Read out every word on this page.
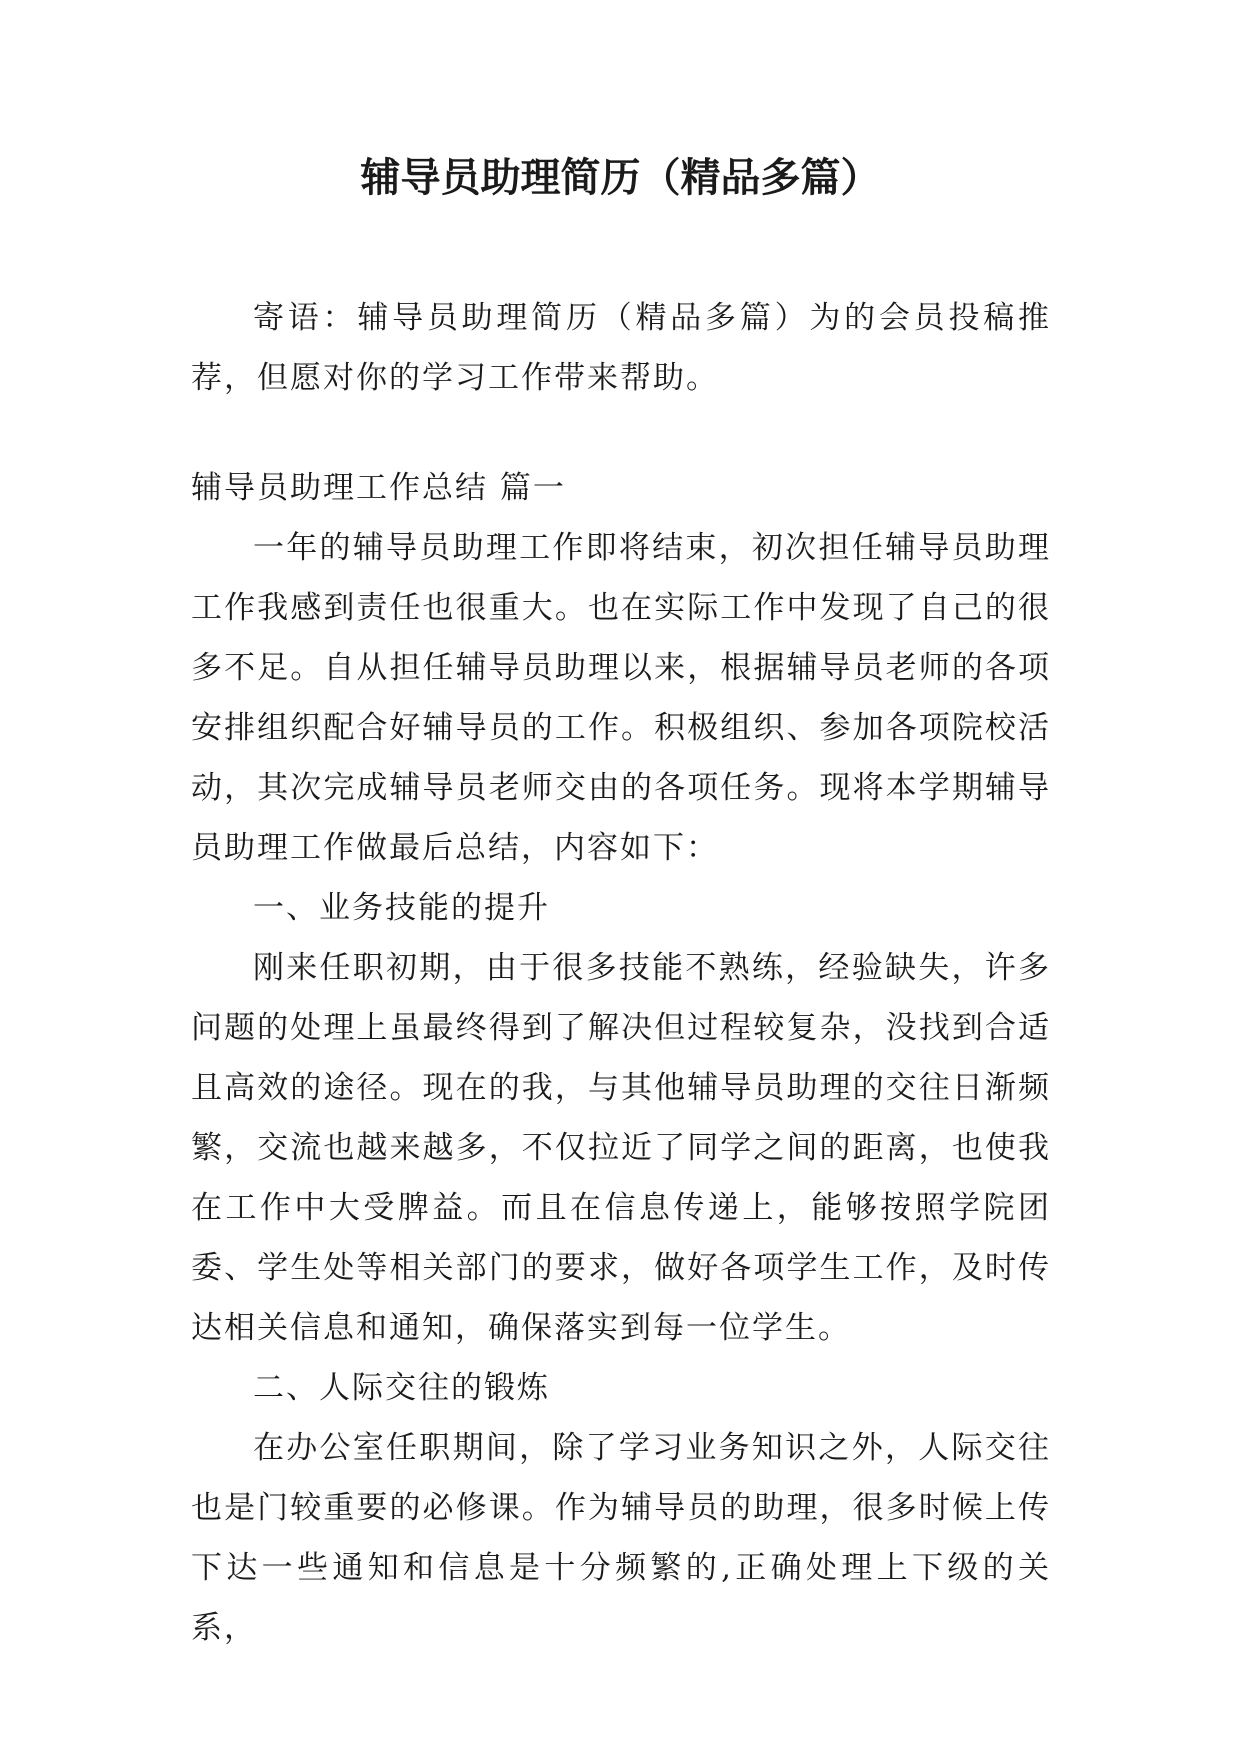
辅导员助理简历（精品多篇）

寄语：辅导员助理简历（精品多篇）为的会员投稿推荐，但愿对你的学习工作带来帮助。

辅导员助理工作总结 篇一

一年的辅导员助理工作即将结束，初次担任辅导员助理工作我感到责任也很重大。也在实际工作中发现了自己的很多不足。自从担任辅导员助理以来，根据辅导员老师的各项安排组织配合好辅导员的工作。积极组织、参加各项院校活动，其次完成辅导员老师交由的各项任务。现将本学期辅导员助理工作做最后总结，内容如下：

一、业务技能的提升

刚来任职初期，由于很多技能不熟练，经验缺失，许多问题的处理上虽最终得到了解决但过程较复杂，没找到合适且高效的途径。现在的我，与其他辅导员助理的交往日渐频繁，交流也越来越多，不仅拉近了同学之间的距离，也使我在工作中大受脾益。而且在信息传递上，能够按照学院团委、学生处等相关部门的要求，做好各项学生工作，及时传达相关信息和通知，确保落实到每一位学生。

二、人际交往的锻炼

在办公室任职期间，除了学习业务知识之外，人际交往也是门较重要的必修课。作为辅导员的助理，很多时候上传下达一些通知和信息是十分频繁的,正确处理上下级的关系，
